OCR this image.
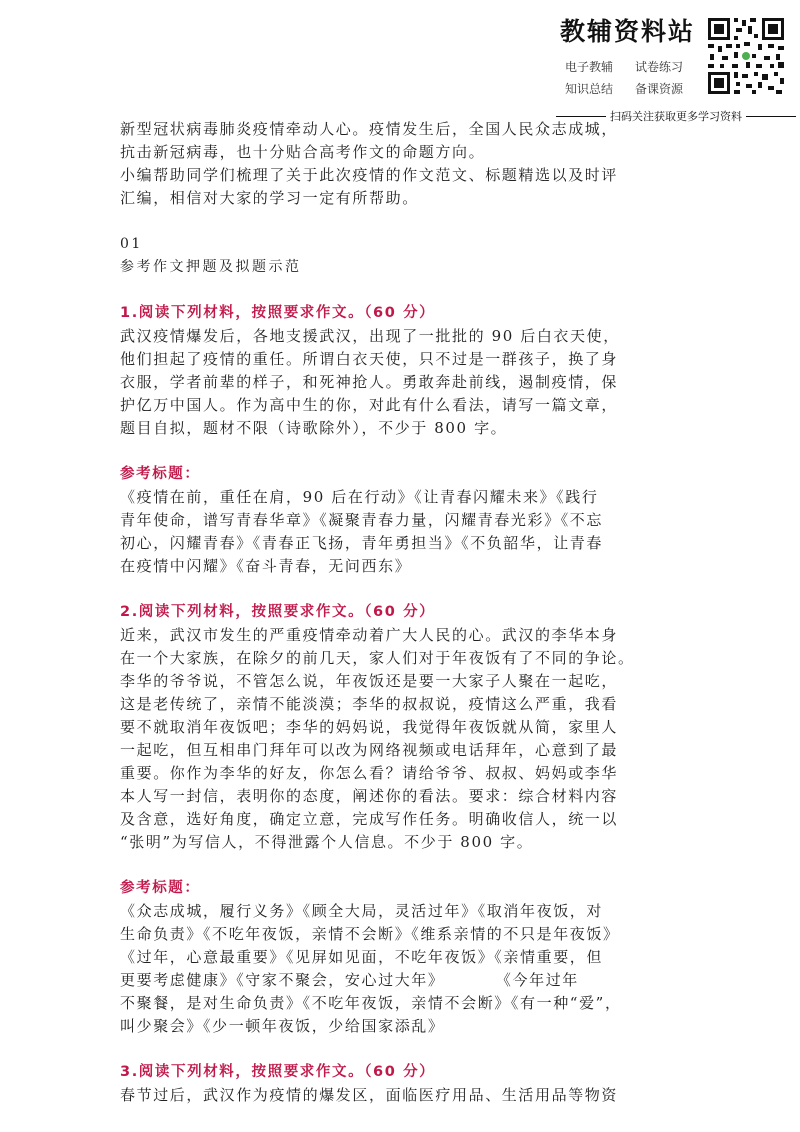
教辅资料站
电子教辅	试卷练习
知识总结	备课资源
扫码关注获取更多学习资料

新型冠状病毒肺炎疫情牵动人心。疫情发生后，全国人民众志成城，

抗击新冠病毒，也十分贴合高考作文的命题方向。

小编帮助同学们梳理了关于此次疫情的作文范文、标题精选以及时评

汇编，相信对大家的学习一定有所帮助。

01

参考作文押题及拟题示范

1.阅读下列材料，按照要求作文。（60 分）

武汉疫情爆发后，各地支援武汉，出现了一批批的 90 后白衣天使，

他们担起了疫情的重任。所谓白衣天使，只不过是一群孩子，换了身

衣服，学者前辈的样子，和死神抢人。勇敢奔赴前线，遏制疫情，保

护亿万中国人。作为高中生的你，对此有什么看法，请写一篇文章，

题目自拟，题材不限（诗歌除外），不少于 800 字。

参考标题：

《疫情在前，重任在肩，90 后在行动》《让青春闪耀未来》《践行

青年使命，谱写青春华章》《凝聚青春力量，闪耀青春光彩》《不忘

初心，闪耀青春》《青春正飞扬，青年勇担当》《不负韶华，让青春

在疫情中闪耀》《奋斗青春，无问西东》

2.阅读下列材料，按照要求作文。（60 分）

近来，武汉市发生的严重疫情牵动着广大人民的心。武汉的李华本身

在一个大家族，在除夕的前几天，家人们对于年夜饭有了不同的争论。

李华的爷爷说，不管怎么说，年夜饭还是要一大家子人聚在一起吃，

这是老传统了，亲情不能淡漠；李华的叔叔说，疫情这么严重，我看

要不就取消年夜饭吧；李华的妈妈说，我觉得年夜饭就从简，家里人

一起吃，但互相串门拜年可以改为网络视频或电话拜年，心意到了最

重要。你作为李华的好友，你怎么看？请给爷爷、叔叔、妈妈或李华

本人写一封信，表明你的态度，阐述你的看法。要求：综合材料内容

及含意，选好角度，确定立意，完成写作任务。明确收信人，统一以

“张明”为写信人，不得泄露个人信息。不少于 800 字。

参考标题：

《众志成城，履行义务》《顾全大局，灵活过年》《取消年夜饭，对

生命负责》《不吃年夜饭，亲情不会断》《维系亲情的不只是年夜饭》

《过年，心意最重要》《见屏如见面，不吃年夜饭》《亲情重要，但

更要考虑健康》《守家不聚会，安心过大年》　　　　《今年过年

不聚餐，是对生命负责》《不吃年夜饭，亲情不会断》《有一种“爱”，

叫少聚会》《少一顿年夜饭，少给国家添乱》

3.阅读下列材料，按照要求作文。（60 分）

春节过后，武汉作为疫情的爆发区，面临医疗用品、生活用品等物资
